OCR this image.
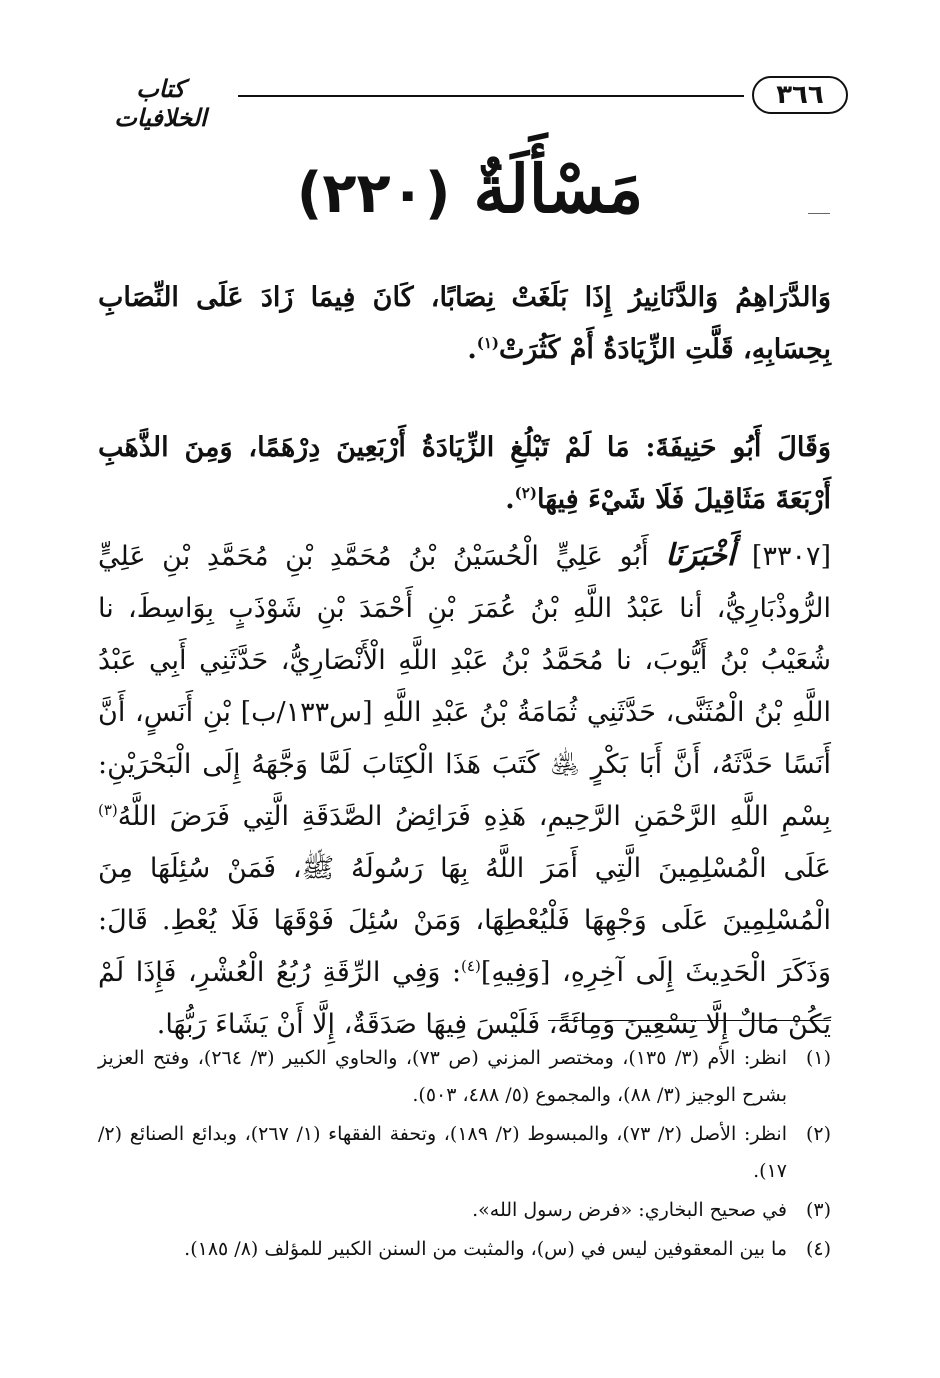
٣٦٦
كتاب الخلافيات
مَسْأَلَةٌ (٢٢٠)
وَالدَّرَاهِمُ وَالدَّنَانِيرُ إِذَا بَلَغَتْ نِصَابًا، كَانَ فِيمَا زَادَ عَلَى النِّصَابِ بِحِسَابِهِ، قَلَّتِ الزِّيَادَةُ أَمْ كَثُرَتْ$^{(١)}$.
وَقَالَ أَبُو حَنِيفَةَ: مَا لَمْ تَبْلُغِ الزِّيَادَةُ أَرْبَعِينَ دِرْهَمًا، وَمِنَ الذَّهَبِ أَرْبَعَةَ مَثَاقِيلَ فَلَا شَيْءَ فِيهَا$^{(٢)}$.
[٣٣٠٧] أَخْبَرَنَا أَبُو عَلِيٍّ الْحُسَيْنُ بْنُ مُحَمَّدِ بْنِ مُحَمَّدِ بْنِ عَلِيٍّ الرُّوذْبَارِيُّ، أنا عَبْدُ اللَّهِ بْنُ عُمَرَ بْنِ أَحْمَدَ بْنِ شَوْذَبٍ بِوَاسِطَ، نا شُعَيْبُ بْنُ أَيُّوبَ، نا مُحَمَّدُ بْنُ عَبْدِ اللَّهِ الْأَنْصَارِيُّ، حَدَّثَنِي أَبِي عَبْدُ اللَّهِ بْنُ الْمُثَنَّى، حَدَّثَنِي ثُمَامَةُ بْنُ عَبْدِ اللَّهِ [س١٣٣/ب] بْنِ أَنَسٍ، أَنَّ أَنَسًا حَدَّثَهُ، أَنَّ أَبَا بَكْرٍ ﵁ كَتَبَ هَذَا الْكِتَابَ لَمَّا وَجَّهَهُ إِلَى الْبَحْرَيْنِ: بِسْمِ اللَّهِ الرَّحْمَنِ الرَّحِيمِ، هَذِهِ فَرَائِضُ الصَّدَقَةِ الَّتِي فَرَضَ اللَّهُ$^{(٣)}$ عَلَى الْمُسْلِمِينَ الَّتِي أَمَرَ اللَّهُ بِهَا رَسُولَهُ ﷺ، فَمَنْ سُئِلَهَا مِنَ الْمُسْلِمِينَ عَلَى وَجْهِهَا فَلْيُعْطِهَا، وَمَنْ سُئِلَ فَوْقَهَا فَلَا يُعْطِ. قَالَ: وَذَكَرَ الْحَدِيثَ إِلَى آخِرِهِ، [وَفِيهِ]$^{(٤)}$: وَفِي الرِّقَةِ رُبُعُ الْعُشْرِ، فَإِذَا لَمْ يَكُنْ مَالٌ إِلَّا تِسْعِينَ وَمِائَةً، فَلَيْسَ فِيهَا صَدَقَةٌ، إِلَّا أَنْ يَشَاءَ رَبُّهَا.
(١)
انظر: الأم (٣/ ١٣٥)، ومختصر المزني (ص ٧٣)، والحاوي الكبير (٣/ ٢٦٤)، وفتح العزيز بشرح الوجيز (٣/ ٨٨)، والمجموع (٥/ ٤٨٨، ٥٠٣).
(٢)
انظر: الأصل (٢/ ٧٣)، والمبسوط (٢/ ١٨٩)، وتحفة الفقهاء (١/ ٢٦٧)، وبدائع الصنائع (٢/ ١٧).
(٣)
في صحيح البخاري: «فرض رسول الله».
(٤)
ما بين المعقوفين ليس في (س)، والمثبت من السنن الكبير للمؤلف (٨/ ١٨٥).
